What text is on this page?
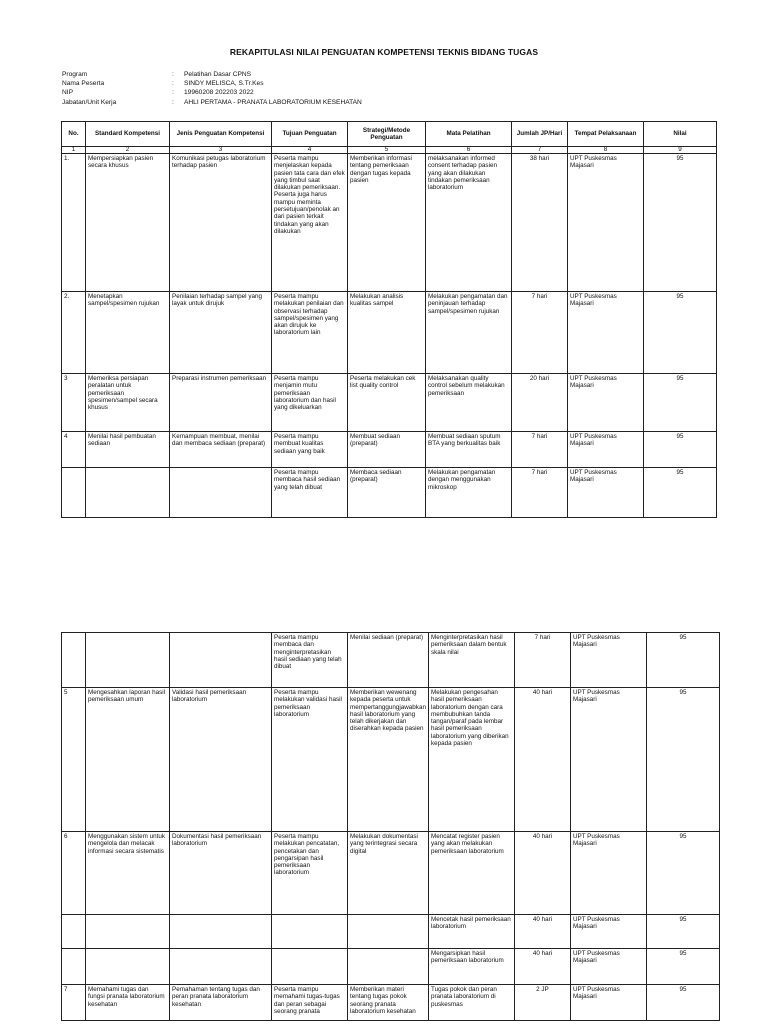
REKAPITULASI NILAI PENGUATAN KOMPETENSI TEKNIS BIDANG TUGAS
Program	:	Pelatihan Dasar CPNS
Nama Peserta	:	SINDY MELISCA, S.Tr.Kes
NIP	:	19960208 202203 2022
Jabatan/Unit Kerja	:	AHLI PERTAMA - PRANATA LABORATORIUM KESEHATAN
No.	Standard Kompetensi	Jenis Penguatan Kompetensi	Tujuan Penguatan	Strategi/Metode Penguatan	Mata Pelatihan	Jumlah JP/Hari	Tempat Pelaksanaan	Nilai
1	2	3	4	5	6	7	8	9
1.	Mempersiapkan pasien secara khusus	Komunikasi petugas laboratorium terhadap pasien	Peserta mampu menjelaskan kepada pasien tata cara dan efek yang timbul saat dilakukan pemeriksaan. Peserta juga harus mampu meminta persetujuan/penolak an dari pasien terkait tindakan yang akan dilakukan	Memberikan informasi tentang pemeriksaan dengan tugas kepada pasien	melaksanakan informed consent terhadap pasien yang akan dilakukan tindakan pemeriksaan laboratorium	38 hari	UPT Puskesmas Majasari	95
2.	Menetapkan sampel/spesimen rujukan	Penilaian terhadap sampel yang layak untuk dirujuk	Peserta mampu melakukan penilaian dan observasi terhadap sampel/spesimen yang akan dirujuk ke laboratorium lain	Melakukan analisis kualitas sampel	Melakukan pengamatan dan peninjauan terhadap sampel/spesimen rujukan	7 hari	UPT Puskesmas Majasari	95
3	Memeriksa persiapan peralatan untuk pemeriksaan spesimen/sampel secara khusus	Preparasi instrumen pemeriksaan	Peserta mampu menjamin mutu pemeriksaan laboratorium dan hasil yang dikeluarkan	Peserta melakukan cek list quality control	Melaksanakan quality control sebelum melakukan pemeriksaan	20 hari	UPT Puskesmas Majasari	95
4	Menilai hasil pembuatan sediaan	Kemampuan membuat, menilai dan membaca sediaan (preparat)	Peserta mampu membuat kualitas sediaan yang baik	Membuat sediaan (preparat)	Membuat sediaan sputum BTA yang berkualitas baik	7 hari	UPT Puskesmas Majasari	95
			Peserta mampu membaca hasil sediaan yang telah dibuat	Membaca sediaan (preparat)	Melakukan pengamatan dengan menggunakan mikroskop	7 hari	UPT Puskesmas Majasari	95
			Peserta mampu membaca dan menginterpretasikan hasil sediaan yang telah dibuat	Menilai sediaan (preparat)	Menginterpretasikan hasil pemeriksaan dalam bentuk skala nilai	7 hari	UPT Puskesmas Majasari	95
5	Mengesahkan laporan hasil pemeriksaan umum	Validasi hasil pemeriksaan laboratorium	Peserta mampu melakukan validasi hasil pemeriksaan laboratorium	Memberikan wewenang kepada peserta untuk mempertanggungjawabkan hasil laboratorium yang telah dikerjakan dan diserahkan kepada pasien	Melakukan pengesahan hasil pemeriksaan laboratorium dengan cara membubuhkan tanda tangan/paraf pada lembar hasil pemeriksaan laboratorium yang diberikan kepada pasien	40 hari	UPT Puskesmas Majasari	95
6	Menggunakan sistem untuk mengelola dan melacak informasi secara sistematis	Dokumentasi hasil pemeriksaan laboratorium	Peserta mampu melakukan pencatatan, pencetakan dan pengarsipan hasil pemeriksaan laboratorium	Melakukan dokumentasi yang terintegrasi secara digital	Mencatat register pasien yang akan melakukan pemeriksaan laboratorium	40 hari	UPT Puskesmas Majasari	95
					Mencetak hasil pemeriksaan laboratorium	40 hari	UPT Puskesmas Majasari	95
					Mengarsipkan hasil pemeriksaan laboratorium	40 hari	UPT Puskesmas Majasari	95
7	Memahami tugas dan fungsi pranata laboratorium kesehatan	Pemahaman tentang tugas dan peran pranata laboratorium kesehatan	Peserta mampu memahami tugas-tugas dan peran sebagai seorang pranata	Memberikan materi tentang tugas pokok seorang pranata laboratorium kesehatan	Tugas pokok dan peran pranata laboratorium di puskesmas	2 JP	UPT Puskesmas Majasari	95
